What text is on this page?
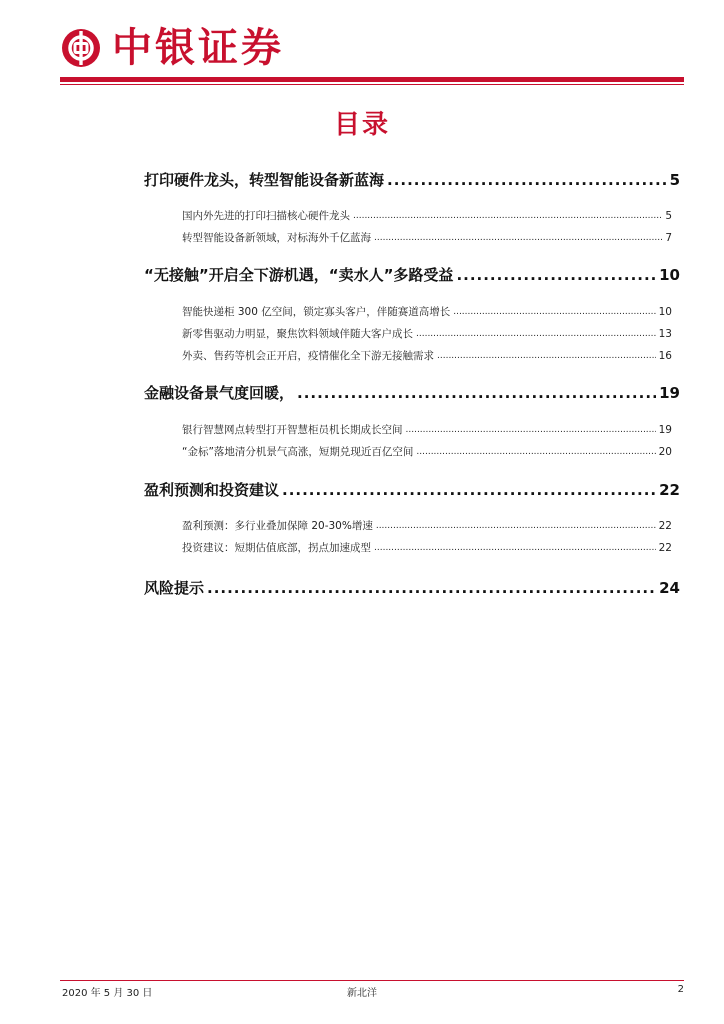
中银证券
目录
打印硬件龙头，转型智能设备新蓝海 .....	5
国内外先进的打印扫描核心硬件龙头 .....	5
转型智能设备新领域，对标海外千亿蓝海 .....	7
“无接触”开启全下游机遇，“卖水人”多路受益 .....	10
智能快递柜 300 亿空间，锁定寡头客户，伴随赛道高增长 .....	10
新零售驱动力明显，聚焦饮料领域伴随大客户成长 .....	13
外卖、售药等机会正开启，疫情催化全下游无接触需求 .....	16
金融设备景气度回暖， .....	19
银行智慧网点转型打开智慧柜员机长期成长空间 .....	19
“金标”落地清分机景气高涨，短期兑现近百亿空间 .....	20
盈利预测和投资建议 .....	22
盈利预测：多行业叠加保障 20-30%增速 .....	22
投资建议：短期估值底部，拐点加速成型 .....	22
风险提示 .....	24
2020 年 5 月 30 日	新北洋	2
